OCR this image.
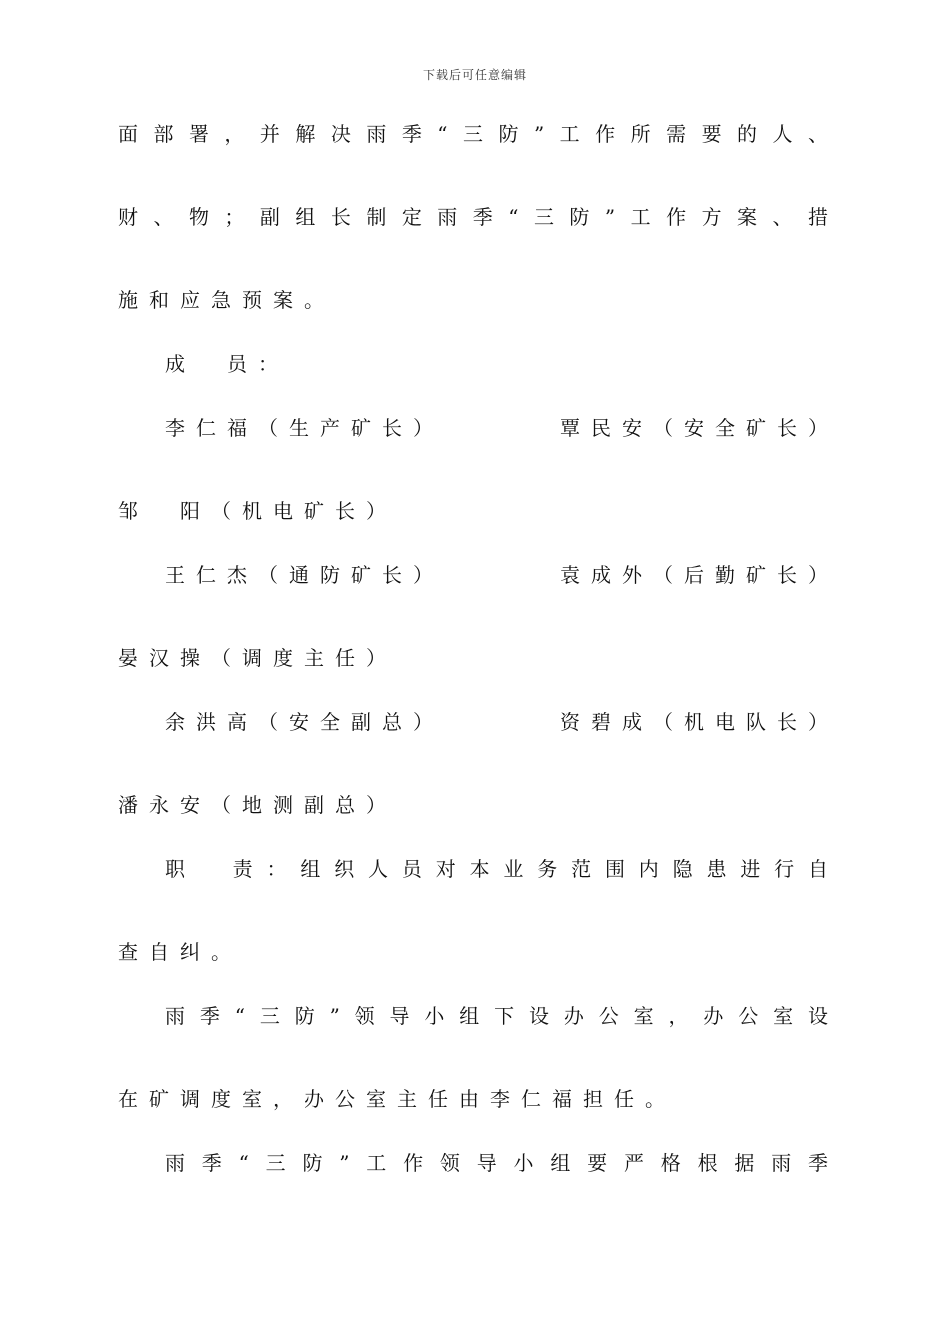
下载后可任意编辑
面部署，并解决雨季“三防”工作所需要的人、
财、物；副组长制定雨季“三防”工作方案、措
施和应急预案。
成　员：
李仁福（生产矿长）	覃民安（安全矿长）
邹　阳（机电矿长）
王仁杰（通防矿长）	袁成外（后勤矿长）
晏汉操（调度主任）
余洪高（安全副总）	资碧成（机电队长）
潘永安（地测副总）
职　责：组织人员对本业务范围内隐患进行自
查自纠。
雨季“三防”领导小组下设办公室，办公室设
在矿调度室，办公室主任由李仁福担任。
雨季“三防”工作领导小组要严格根据雨季
